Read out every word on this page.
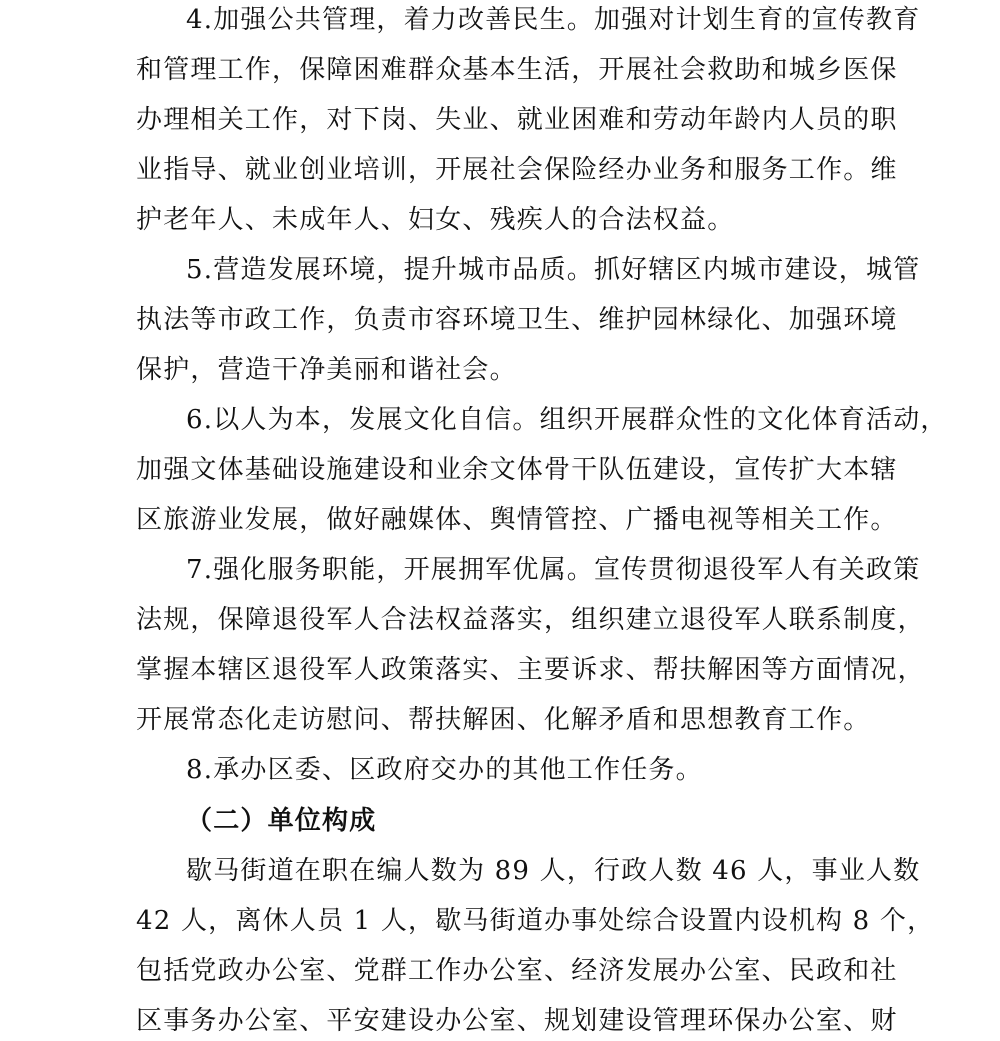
4.加强公共管理，着力改善民生。加强对计划生育的宣传教育
和管理工作，保障困难群众基本生活，开展社会救助和城乡医保
办理相关工作，对下岗、失业、就业困难和劳动年龄内人员的职
业指导、就业创业培训，开展社会保险经办业务和服务工作。维
护老年人、未成年人、妇女、残疾人的合法权益。
5.营造发展环境，提升城市品质。抓好辖区内城市建设，城管
执法等市政工作，负责市容环境卫生、维护园林绿化、加强环境
保护，营造干净美丽和谐社会。
6.以人为本，发展文化自信。组织开展群众性的文化体育活动，
加强文体基础设施建设和业余文体骨干队伍建设，宣传扩大本辖
区旅游业发展，做好融媒体、舆情管控、广播电视等相关工作。
7.强化服务职能，开展拥军优属。宣传贯彻退役军人有关政策
法规，保障退役军人合法权益落实，组织建立退役军人联系制度，
掌握本辖区退役军人政策落实、主要诉求、帮扶解困等方面情况，
开展常态化走访慰问、帮扶解困、化解矛盾和思想教育工作。
8.承办区委、区政府交办的其他工作任务。
（二）单位构成
歇马街道在职在编人数为 89 人，行政人数 46 人，事业人数
42 人，离休人员 1 人，歇马街道办事处综合设置内设机构 8 个，
包括党政办公室、党群工作办公室、经济发展办公室、民政和社
区事务办公室、平安建设办公室、规划建设管理环保办公室、财
